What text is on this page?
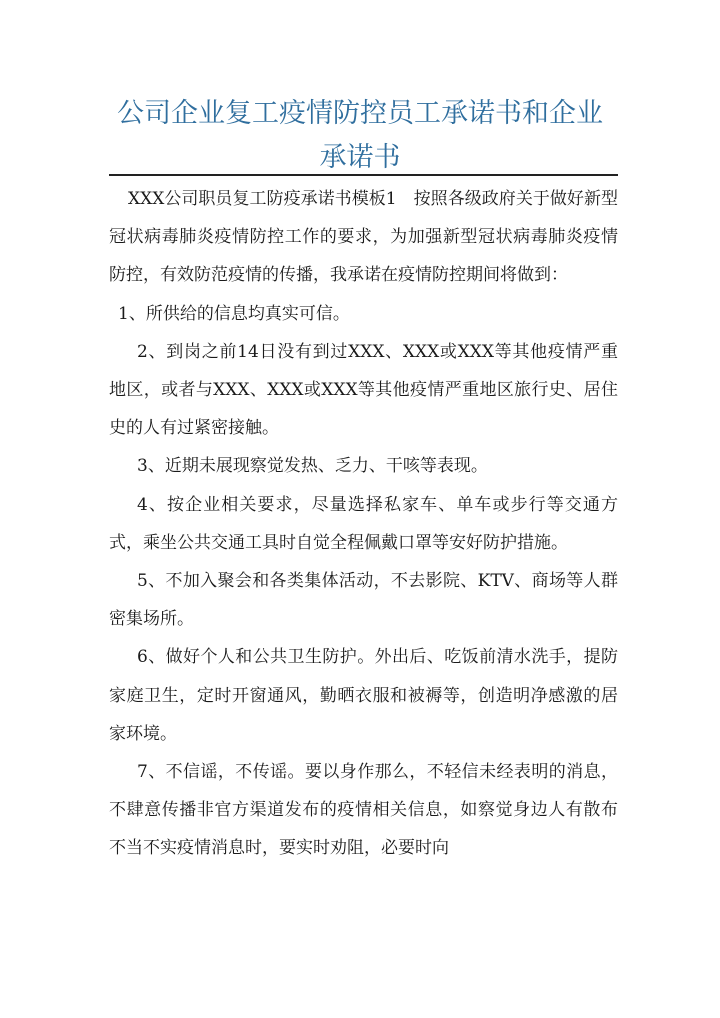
公司企业复工疫情防控员工承诺书和企业
承诺书

XXX公司职员复工防疫承诺书模板1　按照各级政府关于做好新型冠状病毒肺炎疫情防控工作的要求，为加强新型冠状病毒肺炎疫情防控，有效防范疫情的传播，我承诺在疫情防控期间将做到：

1、所供给的信息均真实可信。

2、到岗之前14日没有到过XXX、XXX或XXX等其他疫情严重地区，或者与XXX、XXX或XXX等其他疫情严重地区旅行史、居住史的人有过紧密接触。

3、近期未展现察觉发热、乏力、干咳等表现。

4、按企业相关要求，尽量选择私家车、单车或步行等交通方式，乘坐公共交通工具时自觉全程佩戴口罩等安好防护措施。

5、不加入聚会和各类集体活动，不去影院、KTV、商场等人群密集场所。

6、做好个人和公共卫生防护。外出后、吃饭前清水洗手，提防家庭卫生，定时开窗通风，勤晒衣服和被褥等，创造明净感激的居家环境。

7、不信谣，不传谣。要以身作那么，不轻信未经表明的消息，不肆意传播非官方渠道发布的疫情相关信息，如察觉身边人有散布不当不实疫情消息时，要实时劝阻，必要时向
